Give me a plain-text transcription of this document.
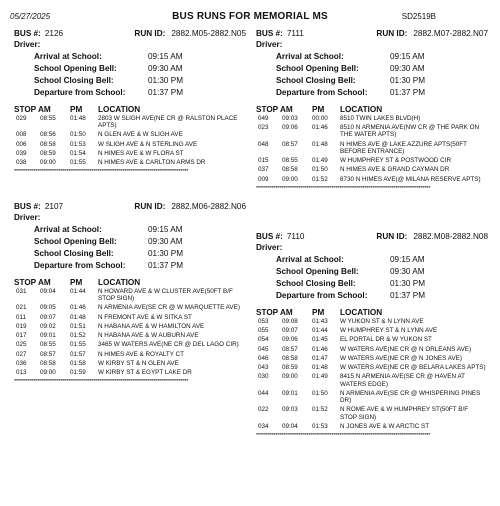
05/27/2025	BUS RUNS FOR MEMORIAL MS	SD2519B
BUS #: 2126	RUN ID: 2882.M05-2882.N05
Driver:
Arrival at School:	09:15 AM
School Opening Bell:	09:30 AM
School Closing Bell:	01:30 PM
Departure from School:	01:37 PM
STOP AM PM LOCATION
029 08:55 01:48 2803 W SLIGH AVE(NE CR @ RALSTON PLACE APTS)
008 08:56 01:50 N GLEN AVE & W SLIGH AVE
006 08:58 01:53 W SLIGH AVE & N STERLING AVE
039 08:59 01:54 N HIMES AVE & W FLORA ST
038 09:00 01:55 N HIMES AVE & CARLTON ARMS DR
******************************************************************************************
BUS #: 2107	RUN ID: 2882.M06-2882.N06
Driver:
Arrival at School:	09:15 AM
School Opening Bell:	09:30 AM
School Closing Bell:	01:30 PM
Departure from School:	01:37 PM
STOP AM PM LOCATION
031 09:04 01:44 N HOWARD AVE & W CLUSTER AVE(50FT B/F STOP SIGN)
021 09:05 01:46 N ARMENIA AVE(SE CR @ W MARQUETTE AVE)
011 09:07 01:48 N FREMONT AVE & W SITKA ST
019 09:02 01:51 N HABANA AVE & W HAMILTON AVE
017 09:01 01:52 N HABANA AVE & W AUBURN AVE
025 08:55 01:55 3465 W WATERS AVE(NE CR @ DEL LAGO CIR)
027 08:57 01:57 N HIMES AVE & ROYALTY CT
036 08:58 01:58 W KIRBY ST & N GLEN AVE
013 09:00 01:59 W KIRBY ST & EGYPT LAKE DR
******************************************************************************************
BUS #: 7111	RUN ID: 2882.M07-2882.N07
Driver:
Arrival at School:	09:15 AM
School Opening Bell:	09:30 AM
School Closing Bell:	01:30 PM
Departure from School:	01:37 PM
STOP AM PM LOCATION
049 09:03 00:00 8510 TWIN LAKES BLVD(H)
023 09:06 01:46 8510 N ARMENIA AVE(NW CR @ THE PARK ON THE WATER APTS)
048 08:57 01:48 N HIMES AVE @ LAKE AZZURE APTS(50FT BEFORE ENTRANCE)
015 08:55 01:49 W HUMPHREY ST & POSTWOOD CIR
037 08:58 01:50 N HIMES AVE & GRAND CAYMAN DR
009 09:00 01:52 8730 N HIMES AVE(@ MILANA RESERVE APTS)
******************************************************************************************
BUS #: 7110	RUN ID: 2882.M08-2882.N08
Driver:
Arrival at School:	09:15 AM
School Opening Bell:	09:30 AM
School Closing Bell:	01:30 PM
Departure from School:	01:37 PM
STOP AM PM LOCATION
053 09:08 01:43 W YUKON ST & N LYNN AVE
055 09:07 01:44 W HUMPHREY ST & N LYNN AVE
054 09:06 01:45 EL PORTAL DR & W YUKON ST
045 08:57 01:46 W WATERS AVE(NE CR @ N ORLEANS AVE)
046 08:58 01:47 W WATERS AVE(NE CR @ N JONES AVE)
043 08:59 01:48 W WATERS AVE(NE CR @ BELARA LAKES APTS)
030 09:00 01:49 8415 N ARMENIA AVE(SE CR @ HAVEN AT WATERS EDGE)
044 09:01 01:50 N ARMENIA AVE(SE CR @ WHISPERING PINES DR)
022 09:03 01:52 N ROME AVE & W HUMPHREY ST(50FT B/F STOP SIGN)
034 09:04 01:53 N JONES AVE & W ARCTIC ST
******************************************************************************************
